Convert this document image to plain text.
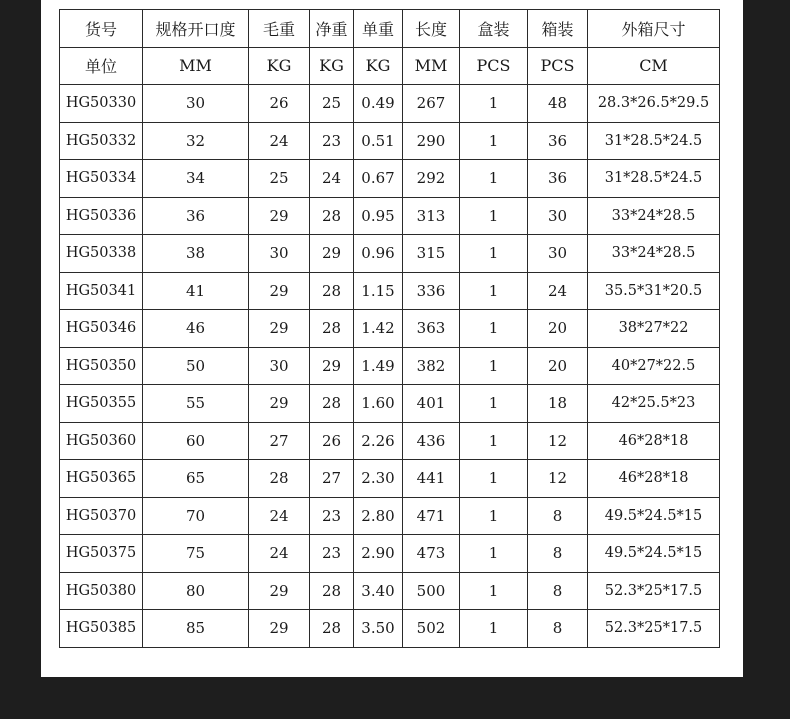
货号	规格开口度	毛重	净重	单重	长度	盒装	箱装	外箱尺寸
单位	MM	KG	KG	KG	MM	PCS	PCS	CM
HG50330	30	26	25	0.49	267	1	48	28.3*26.5*29.5
HG50332	32	24	23	0.51	290	1	36	31*28.5*24.5
HG50334	34	25	24	0.67	292	1	36	31*28.5*24.5
HG50336	36	29	28	0.95	313	1	30	33*24*28.5
HG50338	38	30	29	0.96	315	1	30	33*24*28.5
HG50341	41	29	28	1.15	336	1	24	35.5*31*20.5
HG50346	46	29	28	1.42	363	1	20	38*27*22
HG50350	50	30	29	1.49	382	1	20	40*27*22.5
HG50355	55	29	28	1.60	401	1	18	42*25.5*23
HG50360	60	27	26	2.26	436	1	12	46*28*18
HG50365	65	28	27	2.30	441	1	12	46*28*18
HG50370	70	24	23	2.80	471	1	8	49.5*24.5*15
HG50375	75	24	23	2.90	473	1	8	49.5*24.5*15
HG50380	80	29	28	3.40	500	1	8	52.3*25*17.5
HG50385	85	29	28	3.50	502	1	8	52.3*25*17.5
